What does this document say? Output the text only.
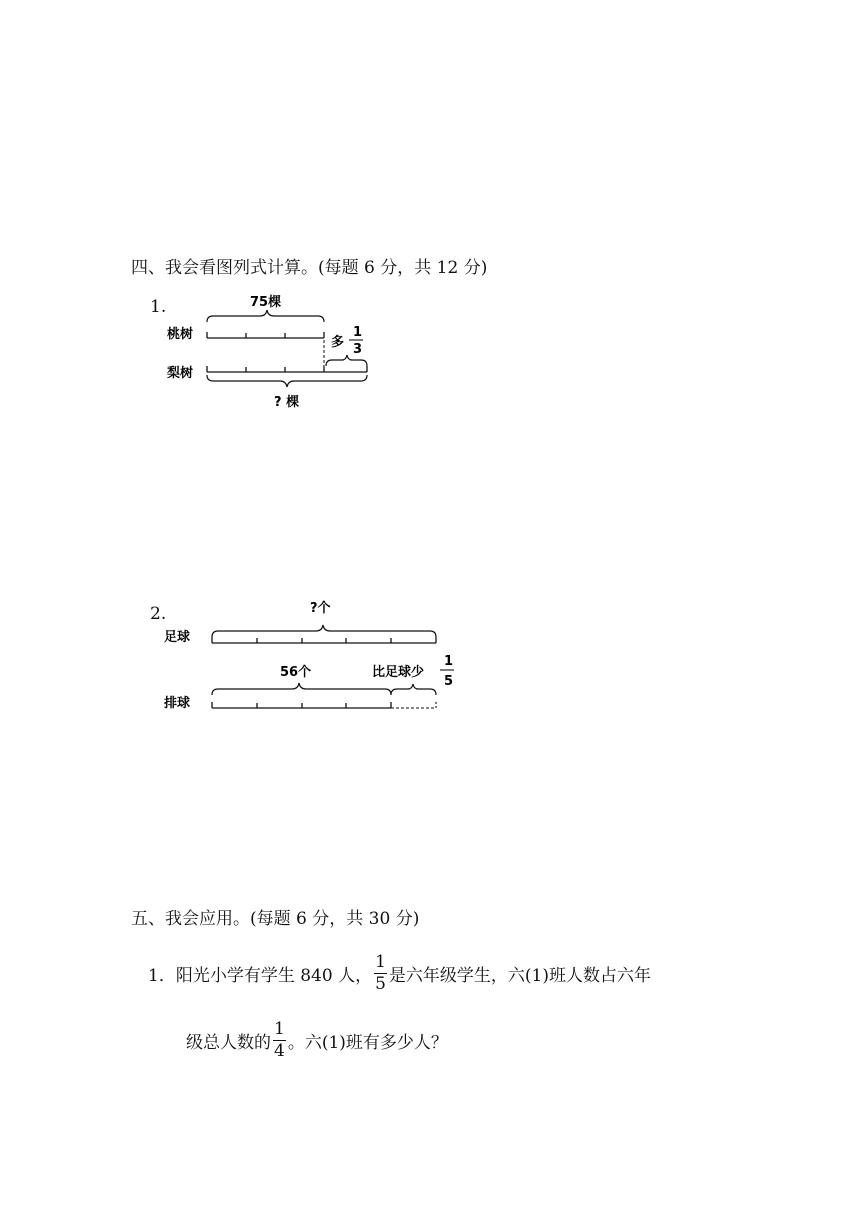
四、我会看图列式计算。(每题 6 分，共 12 分)
1.
桃树
梨树
75棵
多
1
3
? 棵
2.
足球
排球
?个
56个	比足球少
1
5
五、我会应用。(每题 6 分，共 30 分)
1． 阳光小学有学生 840 人， $\frac{1}{5}$ 是六年级学生，六(1)班人数占六年
级总人数的 $\frac{1}{4}$ 。六(1)班有多少人？
